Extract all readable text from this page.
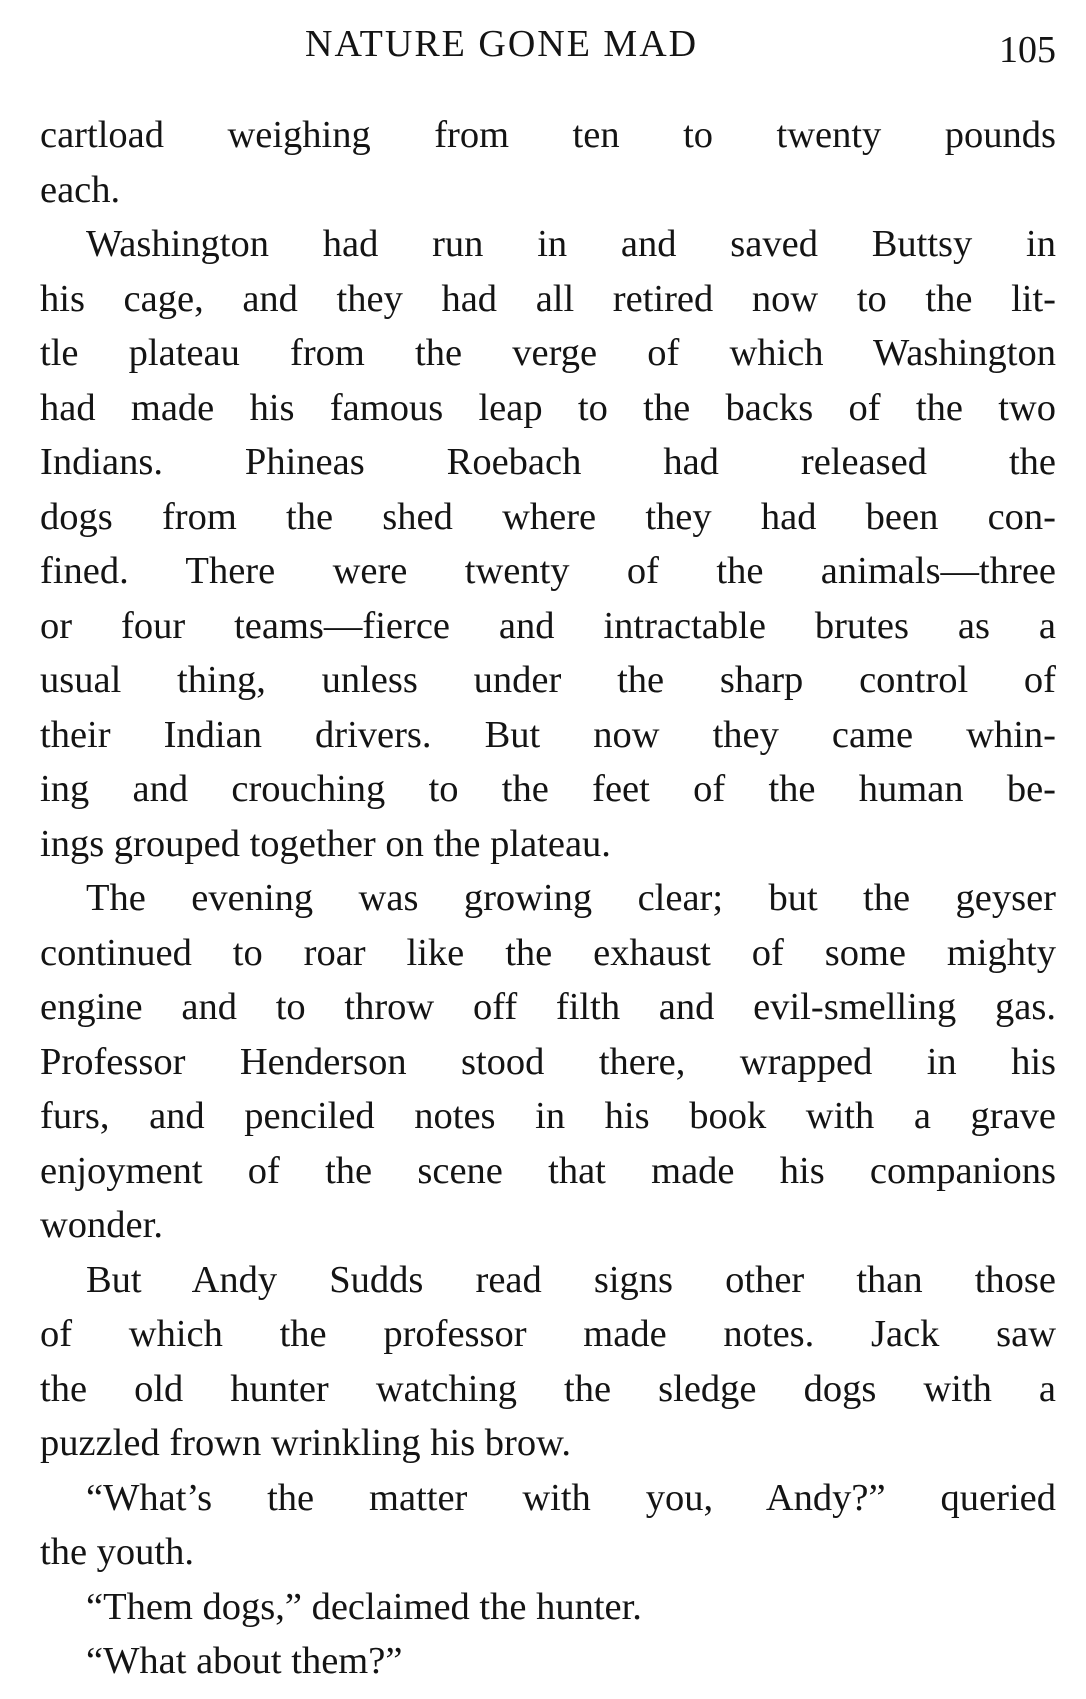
NATURE GONE MAD	105

cartload weighing from ten to twenty pounds
each.

Washington had run in and saved Buttsy in
his cage, and they had all retired now to the lit-
tle plateau from the verge of which Washington
had made his famous leap to the backs of the two
Indians. Phineas Roebach had released the
dogs from the shed where they had been con-
fined. There were twenty of the animals—three
or four teams—fierce and intractable brutes as a
usual thing, unless under the sharp control of
their Indian drivers. But now they came whin-
ing and crouching to the feet of the human be-
ings grouped together on the plateau.

The evening was growing clear; but the geyser
continued to roar like the exhaust of some mighty
engine and to throw off filth and evil-smelling gas.
Professor Henderson stood there, wrapped in his
furs, and penciled notes in his book with a grave
enjoyment of the scene that made his companions
wonder.

But Andy Sudds read signs other than those
of which the professor made notes. Jack saw
the old hunter watching the sledge dogs with a
puzzled frown wrinkling his brow.

“What’s the matter with you, Andy?” queried
the youth.

“Them dogs,” declaimed the hunter.

“What about them?”
